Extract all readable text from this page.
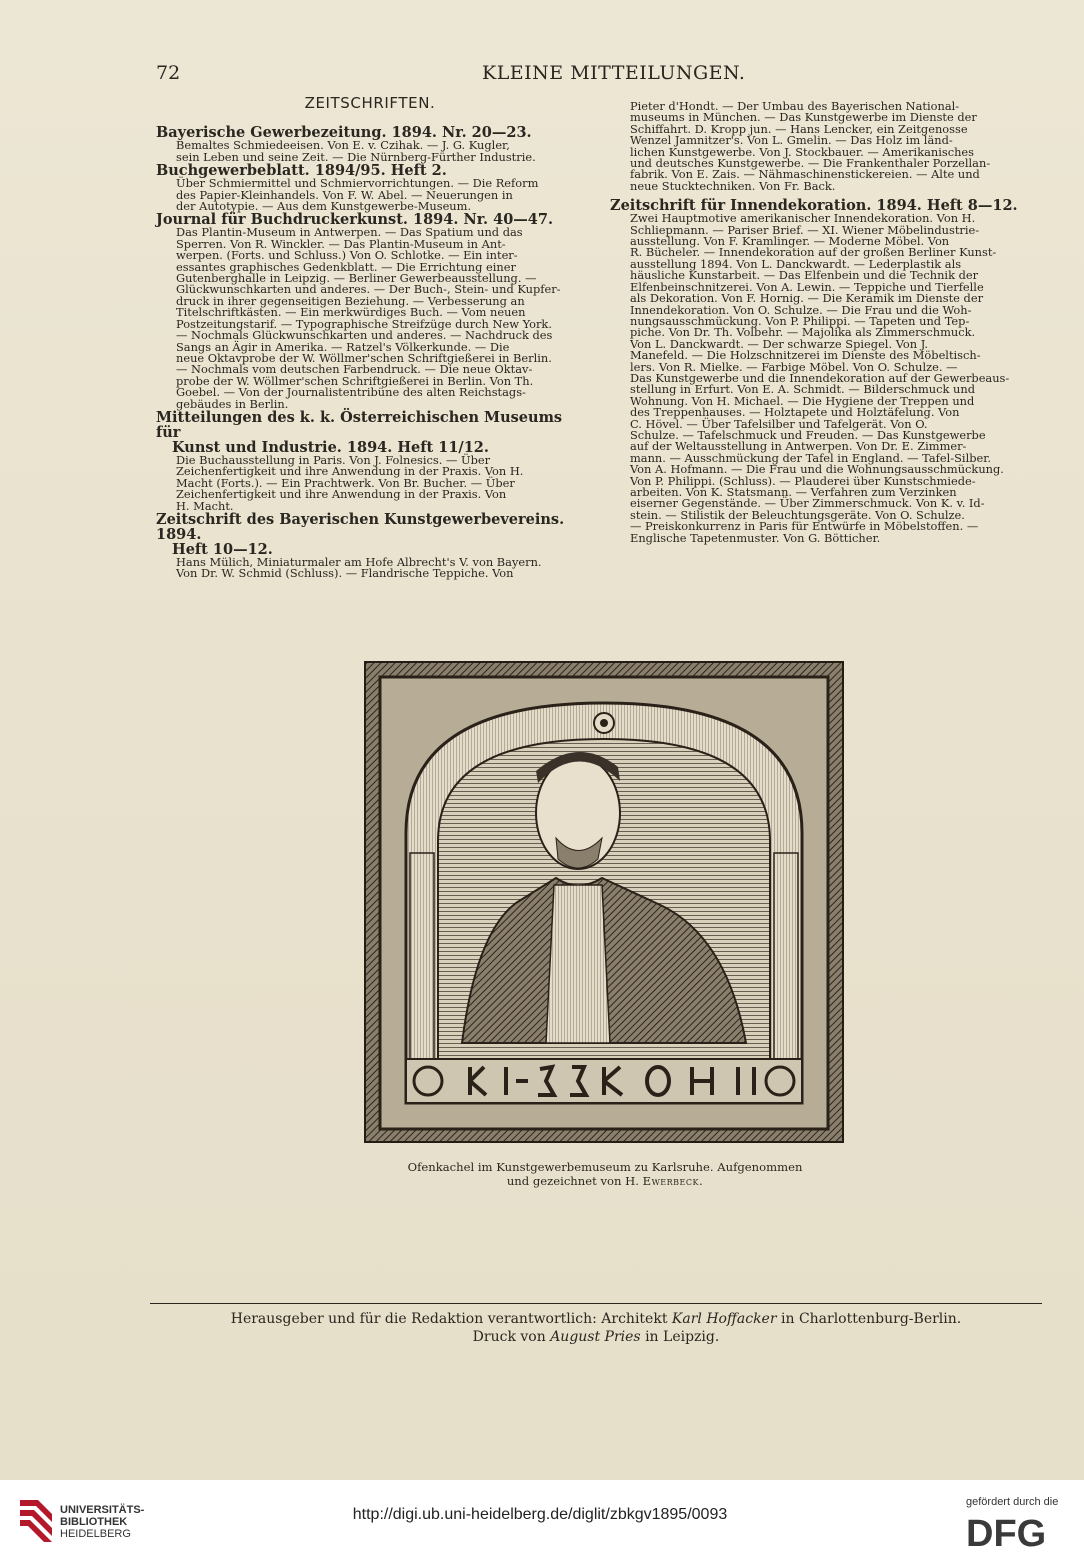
72	KLEINE MITTEILUNGEN.
ZEITSCHRIFTEN.
Bayerische Gewerbezeitung. 1894. Nr. 20—23.
Bemaltes Schmiedeeisen. Von E. v. Czihak. — J. G. Kugler,
sein Leben und seine Zeit. — Die Nürnberg-Fürther Industrie.
Buchgewerbeblatt. 1894/95. Heft 2.
Über Schmiermittel und Schmiervorrichtungen. — Die Reform
des Papier-Kleinhandels. Von F. W. Abel. — Neuerungen in
der Autotypie. — Aus dem Kunstgewerbe-Museum.
Journal für Buchdruckerkunst. 1894. Nr. 40—47.
Das Plantin-Museum in Antwerpen. — Das Spatium und das
Sperren. Von R. Winckler. — Das Plantin-Museum in Ant-
werpen. (Forts. und Schluss.) Von O. Schlotke. — Ein inter-
essantes graphisches Gedenkblatt. — Die Errichtung einer
Gutenberghalle in Leipzig. — Berliner Gewerbeausstellung. —
Glückwunschkarten und anderes. — Der Buch-, Stein- und Kupfer-
druck in ihrer gegenseitigen Beziehung. — Verbesserung an
Titelschriftkästen. — Ein merkwürdiges Buch. — Vom neuen
Postzeitungstarif. — Typographische Streifzüge durch New York.
— Nochmals Glückwunschkarten und anderes. — Nachdruck des
Sangs an Ägir in Amerika. — Ratzel's Völkerkunde. — Die
neue Oktavprobe der W. Wöllmer'schen Schriftgießerei in Berlin.
— Nochmals vom deutschen Farbendruck. — Die neue Oktav-
probe der W. Wöllmer'schen Schriftgießerei in Berlin. Von Th.
Goebel. — Von der Journalistentribüne des alten Reichstags-
gebäudes in Berlin.
Mitteilungen des k. k. Österreichischen Museums für
Kunst und Industrie. 1894. Heft 11/12.
Die Buchausstellung in Paris. Von J. Folnesics. — Über
Zeichenfertigkeit und ihre Anwendung in der Praxis. Von H.
Macht (Forts.). — Ein Prachtwerk. Von Br. Bucher. — Über
Zeichenfertigkeit und ihre Anwendung in der Praxis. Von
H. Macht.
Zeitschrift des Bayerischen Kunstgewerbevereins. 1894.
Heft 10—12.
Hans Mülich, Miniaturmaler am Hofe Albrecht's V. von Bayern.
Von Dr. W. Schmid (Schluss). — Flandrische Teppiche. Von
Pieter d'Hondt. — Der Umbau des Bayerischen National-
museums in München. — Das Kunstgewerbe im Dienste der
Schiffahrt. D. Kropp jun. — Hans Lencker, ein Zeitgenosse
Wenzel Jamnitzer's. Von L. Gmelin. — Das Holz im länd-
lichen Kunstgewerbe. Von J. Stockbauer. — Amerikanisches
und deutsches Kunstgewerbe. — Die Frankenthaler Porzellan-
fabrik. Von E. Zais. — Nähmaschinenstickereien. — Alte und
neue Stucktechniken. Von Fr. Back.
Zeitschrift für Innendekoration. 1894. Heft 8—12.
Zwei Hauptmotive amerikanischer Innendekoration. Von H.
Schliepmann. — Pariser Brief. — XI. Wiener Möbelindustrie-
ausstellung. Von F. Kramlinger. — Moderne Möbel. Von
R. Bücheler. — Innendekoration auf der großen Berliner Kunst-
ausstellung 1894. Von L. Danckwardt. — Lederplastik als
häusliche Kunstarbeit. — Das Elfenbein und die Technik der
Elfenbeinschnitzerei. Von A. Lewin. — Teppiche und Tierfelle
als Dekoration. Von F. Hornig. — Die Keramik im Dienste der
Innendekoration. Von O. Schulze. — Die Frau und die Woh-
nungsausschmückung. Von P. Philippi. — Tapeten und Tep-
piche. Von Dr. Th. Volbehr. — Majolika als Zimmerschmuck.
Von L. Danckwardt. — Der schwarze Spiegel. Von J.
Manefeld. — Die Holzschnitzerei im Dienste des Möbeltisch-
lers. Von R. Mielke. — Farbige Möbel. Von O. Schulze. —
Das Kunstgewerbe und die Innendekoration auf der Gewerbeaus-
stellung in Erfurt. Von E. A. Schmidt. — Bilderschmuck und
Wohnung. Von H. Michael. — Die Hygiene der Treppen und
des Treppenhauses. — Holztapete und Holztäfelung. Von
C. Hövel. — Über Tafelsilber und Tafelgerät. Von O.
Schulze. — Tafelschmuck und Freuden. — Das Kunstgewerbe
auf der Weltausstellung in Antwerpen. Von Dr. E. Zimmer-
mann. — Ausschmückung der Tafel in England. — Tafel-Silber.
Von A. Hofmann. — Die Frau und die Wohnungsausschmückung.
Von P. Philippi. (Schluss). — Plauderei über Kunstschmiede-
arbeiten. Von K. Statsmann. — Verfahren zum Verzinken
eiserner Gegenstände. — Über Zimmerschmuck. Von K. v. Id-
stein. — Stilistik der Beleuchtungsgeräte. Von O. Schulze.
— Preiskonkurrenz in Paris für Entwürfe in Möbelstoffen. —
Englische Tapetenmuster. Von G. Bötticher.
Ofenkachel im Kunstgewerbemuseum zu Karlsruhe. Aufgenommen
und gezeichnet von H. Ewerbeck.
Herausgeber und für die Redaktion verantwortlich: Architekt Karl Hoffacker in Charlottenburg-Berlin.
Druck von August Pries in Leipzig.
UNIVERSITÄTS-
BIBLIOTHEK
HEIDELBERG
http://digi.ub.uni-heidelberg.de/diglit/zbkgv1895/0093
gefördert durch die
DFG
